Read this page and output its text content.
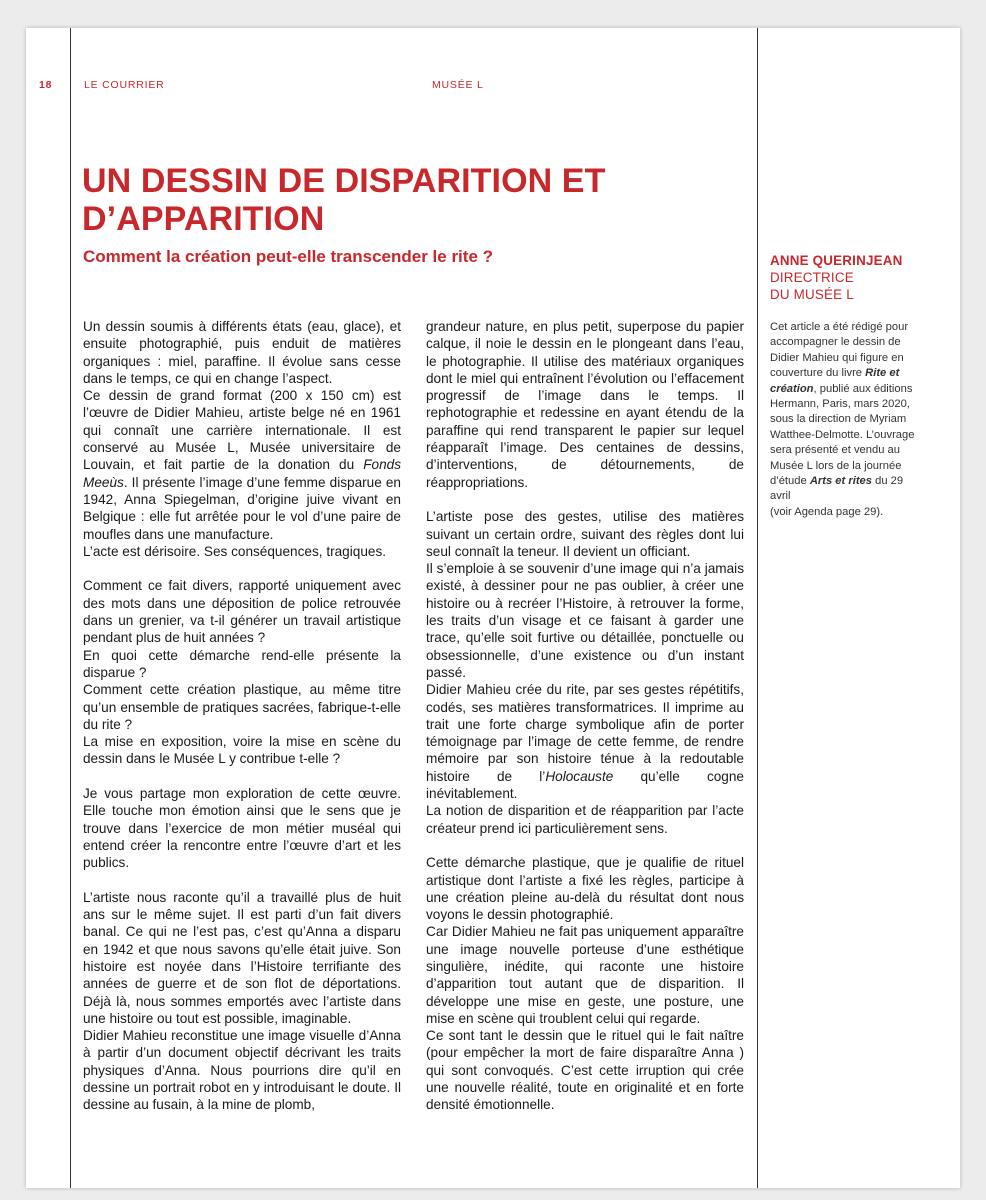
18	LE COURRIER	MUSÉE L
UN DESSIN DE DISPARITION ET
D’APPARITION
Comment la création peut-elle transcender le rite ?

Un dessin soumis à différents états (eau, glace), et ensuite photographié, puis enduit de matières organiques : miel, paraffine. Il évolue sans cesse dans le temps, ce qui en change l’aspect.

Ce dessin de grand format (200 x 150 cm) est l’œuvre de Didier Mahieu, artiste belge né en 1961 qui connaît une carrière internationale. Il est conservé au Musée L, Musée universitaire de Louvain, et fait partie de la donation du Fonds Meeùs. Il présente l’image d’une femme disparue en 1942, Anna Spiegelman, d’origine juive vivant en Belgique : elle fut arrêtée pour le vol d’une paire de moufles dans une manufacture.

L’acte est dérisoire. Ses conséquences, tragiques.

Comment ce fait divers, rapporté uniquement avec des mots dans une déposition de police retrouvée dans un grenier, va t-il générer un travail artistique pendant plus de huit années ?

En quoi cette démarche rend-elle présente la disparue ?

Comment cette création plastique, au même titre qu’un ensemble de pratiques sacrées, fabrique-t-elle du rite ?

La mise en exposition, voire la mise en scène du dessin dans le Musée L y contribue t-elle ?

Je vous partage mon exploration de cette œuvre. Elle touche mon émotion ainsi que le sens que je trouve dans l’exercice de mon métier muséal qui entend créer la rencontre entre l’œuvre d’art et les publics.

L’artiste nous raconte qu’il a travaillé plus de huit ans sur le même sujet. Il est parti d’un fait divers banal. Ce qui ne l’est pas, c’est qu’Anna a disparu en 1942 et que nous savons qu’elle était juive. Son histoire est noyée dans l’Histoire terrifiante des années de guerre et de son flot de déportations. Déjà là, nous sommes emportés avec l’artiste dans une histoire ou tout est possible, imaginable.

Didier Mahieu reconstitue une image visuelle d’Anna à partir d’un document objectif décrivant les traits physiques d’Anna. Nous pourrions dire qu’il en dessine un portrait robot en y introduisant le doute. Il dessine au fusain, à la mine de plomb,

grandeur nature, en plus petit, superpose du papier calque, il noie le dessin en le plongeant dans l’eau, le photographie. Il utilise des matériaux organiques dont le miel qui entraînent l’évolution ou l’effacement progressif de l’image dans le temps. Il rephotographie et redessine en ayant étendu de la paraffine qui rend transparent le papier sur lequel réapparaît l’image. Des centaines de dessins, d’interventions, de détournements, de réappropriations.

L’artiste pose des gestes, utilise des matières suivant un certain ordre, suivant des règles dont lui seul connaît la teneur. Il devient un officiant.

Il s’emploie à se souvenir d’une image qui n’a jamais existé, à dessiner pour ne pas oublier, à créer une histoire ou à recréer l’Histoire, à retrouver la forme, les traits d’un visage et ce faisant à garder une trace, qu’elle soit furtive ou détaillée, ponctuelle ou obsessionnelle, d’une existence ou d’un instant passé.

Didier Mahieu crée du rite, par ses gestes répétitifs, codés, ses matières transformatrices. Il imprime au trait une forte charge symbolique afin de porter témoignage par l’image de cette femme, de rendre mémoire par son histoire ténue à la redoutable histoire de l’Holocauste qu’elle cogne inévitablement.

La notion de disparition et de réapparition par l’acte créateur prend ici particulièrement sens.

Cette démarche plastique, que je qualifie de rituel artistique dont l’artiste a fixé les règles, participe à une création pleine au-delà du résultat dont nous voyons le dessin photographié.

Car Didier Mahieu ne fait pas uniquement apparaître une image nouvelle porteuse d’une esthétique singulière, inédite, qui raconte une histoire d’apparition tout autant que de disparition. Il développe une mise en geste, une posture, une mise en scène qui troublent celui qui regarde.

Ce sont tant le dessin que le rituel qui le fait naître (pour empêcher la mort de faire disparaître Anna ) qui sont convoqués. C’est cette irruption qui crée une nouvelle réalité, toute en originalité et en forte densité émotionnelle.

ANNE QUERINJEAN
DIRECTRICE
DU MUSÉE L

Cet article a été rédigé pour accompagner le dessin de Didier Mahieu qui figure en couverture du livre Rite et création, publié aux éditions Hermann, Paris, mars 2020, sous la direction de Myriam Watthee-Delmotte. L’ouvrage sera présenté et vendu au Musée L lors de la journée d’étude Arts et rites du 29 avril

(voir Agenda page 29).
